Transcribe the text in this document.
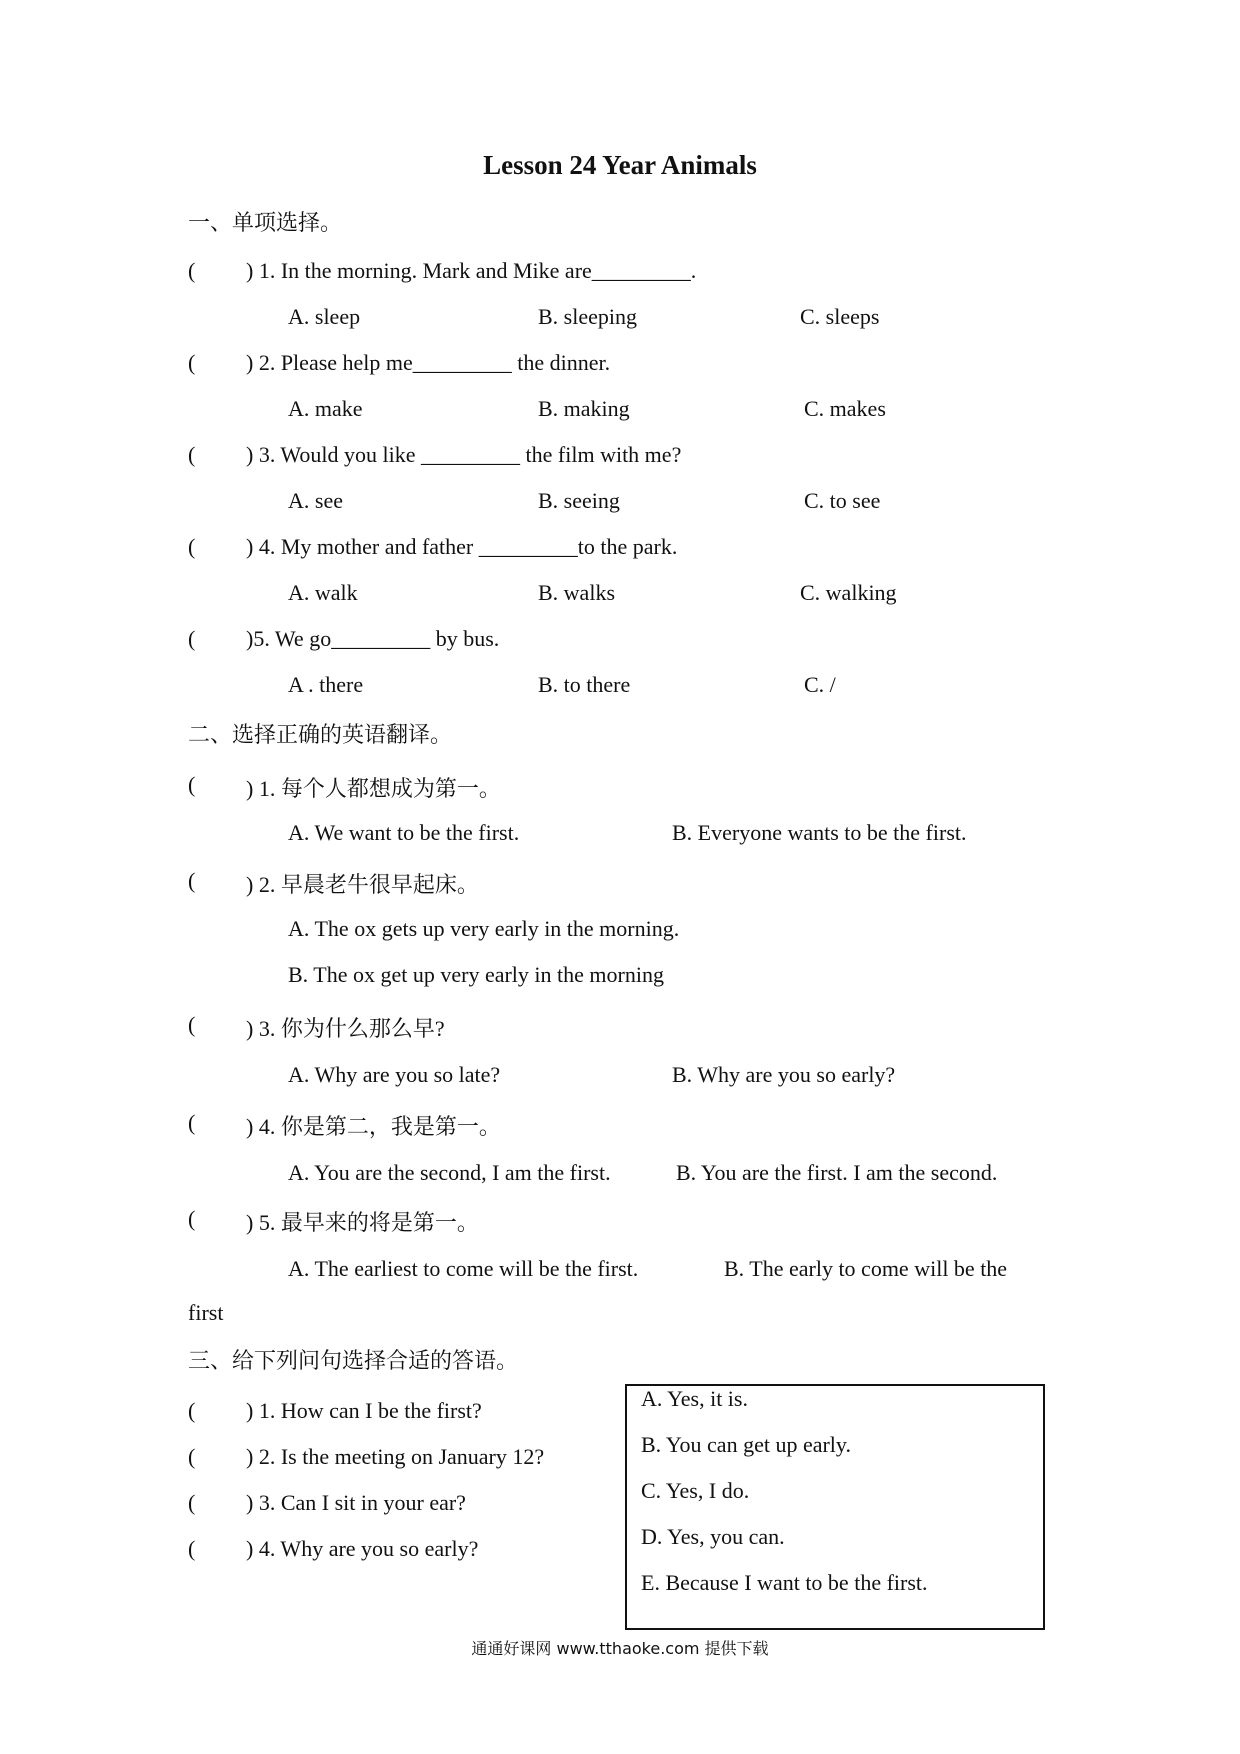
Lesson 24 Year Animals
一、单项选择。
( ) 1. In the morning. Mark and Mike are_________.
A. sleep	B. sleeping	C. sleeps
( ) 2. Please help me_________ the dinner.
A. make	B. making	C. makes
( ) 3. Would you like _________ the film with me?
A. see	B. seeing	C. to see
( ) 4. My mother and father _________to the park.
A. walk	B. walks	C. walking
( )5. We go_________ by bus.
A . there	B. to there	C. /
二、选择正确的英语翻译。
( ) 1. 每个人都想成为第一。
A. We want to be the first.	B. Everyone wants to be the first.
( ) 2. 早晨老牛很早起床。
A. The ox gets up very early in the morning.
B. The ox get up very early in the morning
( ) 3. 你为什么那么早?
A. Why are you so late?	B. Why are you so early?
( ) 4. 你是第二，我是第一。
A. You are the second, I am the first.	B. You are the first. I am the second.
( ) 5. 最早来的将是第一。
A. The earliest to come will be the first.	B. The early to come will be the
first
三、给下列问句选择合适的答语。
( ) 1. How can I be the first?
( ) 2. Is the meeting on January 12?
( ) 3. Can I sit in your ear?
( ) 4. Why are you so early?
A. Yes, it is.
B. You can get up early.
C. Yes, I do.
D. Yes, you can.
E. Because I want to be the first.
通通好课网 www.tthaoke.com 提供下载
